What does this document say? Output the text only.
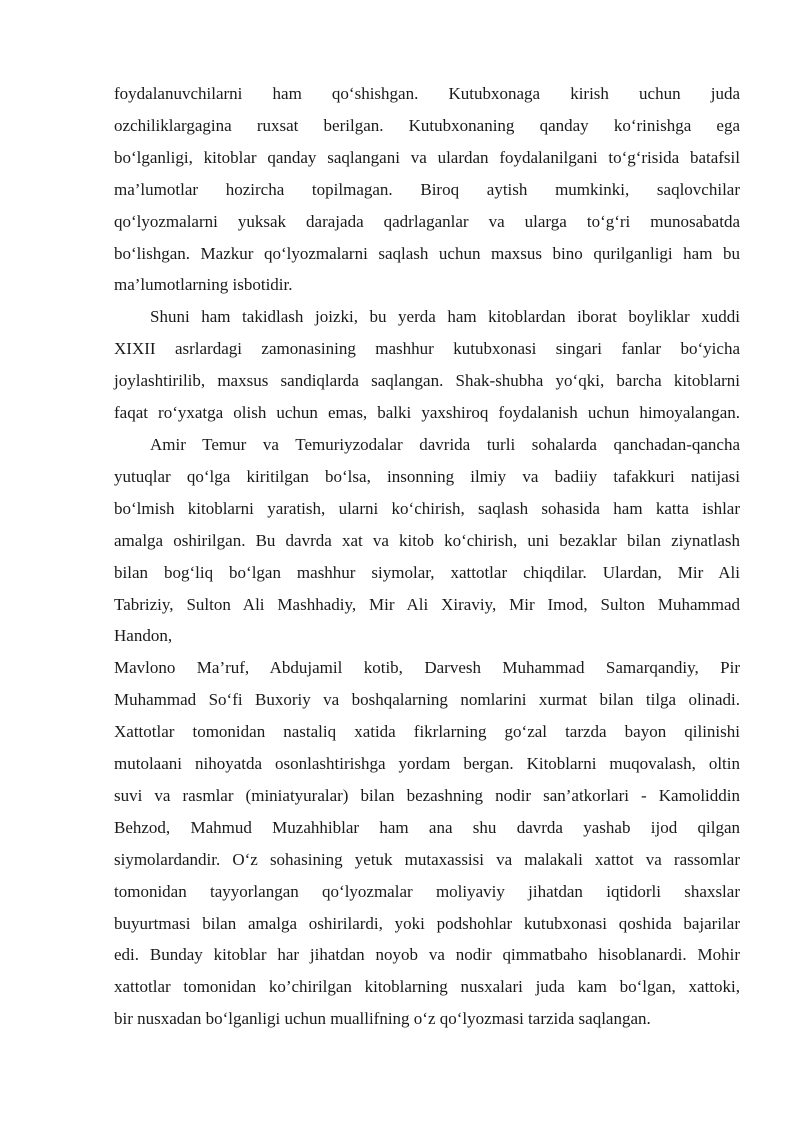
foydalanuvchilarni ham qo‘shishgan. Kutubxonaga kirish uchun juda
ozchiliklargagina ruxsat berilgan. Kutubxonaning qanday ko‘rinishga ega
bo‘lganligi, kitoblar qanday saqlangani va ulardan foydalanilgani to‘g‘risida batafsil
ma’lumotlar hozircha topilmagan. Biroq aytish mumkinki, saqlovchilar
qo‘lyozmalarni yuksak darajada qadrlaganlar va ularga to‘g‘ri munosabatda
bo‘lishgan. Mazkur qo‘lyozmalarni saqlash uchun maxsus bino qurilganligi ham bu
ma’lumotlarning isbotidir.
Shuni ham takidlash joizki, bu yerda ham kitoblardan iborat boyliklar xuddi
XIXII asrlardagi zamonasining mashhur kutubxonasi singari fanlar bo‘yicha
joylashtirilib, maxsus sandiqlarda saqlangan. Shak-shubha yo‘qki, barcha kitoblarni
faqat ro‘yxatga olish uchun emas, balki yaxshiroq foydalanish uchun himoyalangan.
Amir Temur va Temuriyzodalar davrida turli sohalarda qanchadan-qancha
yutuqlar qo‘lga kiritilgan bo‘lsa, insonning ilmiy va badiiy tafakkuri natijasi
bo‘lmish kitoblarni yaratish, ularni ko‘chirish, saqlash sohasida ham katta ishlar
amalga oshirilgan. Bu davrda xat va kitob ko‘chirish, uni bezaklar bilan ziynatlash
bilan bog‘liq bo‘lgan mashhur siymolar, xattotlar chiqdilar. Ulardan, Mir Ali
Tabriziy, Sulton Ali Mashhadiy, Mir Ali Xiraviy, Mir Imod, Sulton Muhammad
Handon,
Mavlono Ma’ruf, Abdujamil kotib, Darvesh Muhammad Samarqandiy, Pir
Muhammad So‘fi Buxoriy va boshqalarning nomlarini xurmat bilan tilga olinadi.
Xattotlar tomonidan nastaliq xatida fikrlarning go‘zal tarzda bayon qilinishi
mutolaani nihoyatda osonlashtirishga yordam bergan. Kitoblarni muqovalash, oltin
suvi va rasmlar (miniatyuralar) bilan bezashning nodir san’atkorlari - Kamoliddin
Behzod, Mahmud Muzahhiblar ham ana shu davrda yashab ijod qilgan
siymolardandir. O‘z sohasining yetuk mutaxassisi va malakali xattot va rassomlar
tomonidan tayyorlangan qo‘lyozmalar moliyaviy jihatdan iqtidorli shaxslar
buyurtmasi bilan amalga oshirilardi, yoki podshohlar kutubxonasi qoshida bajarilar
edi. Bunday kitoblar har jihatdan noyob va nodir qimmatbaho hisoblanardi. Mohir
xattotlar tomonidan ko’chirilgan kitoblarning nusxalari juda kam bo‘lgan, xattoki,
bir nusxadan bo‘lganligi uchun muallifning o‘z qo‘lyozmasi tarzida saqlangan.
